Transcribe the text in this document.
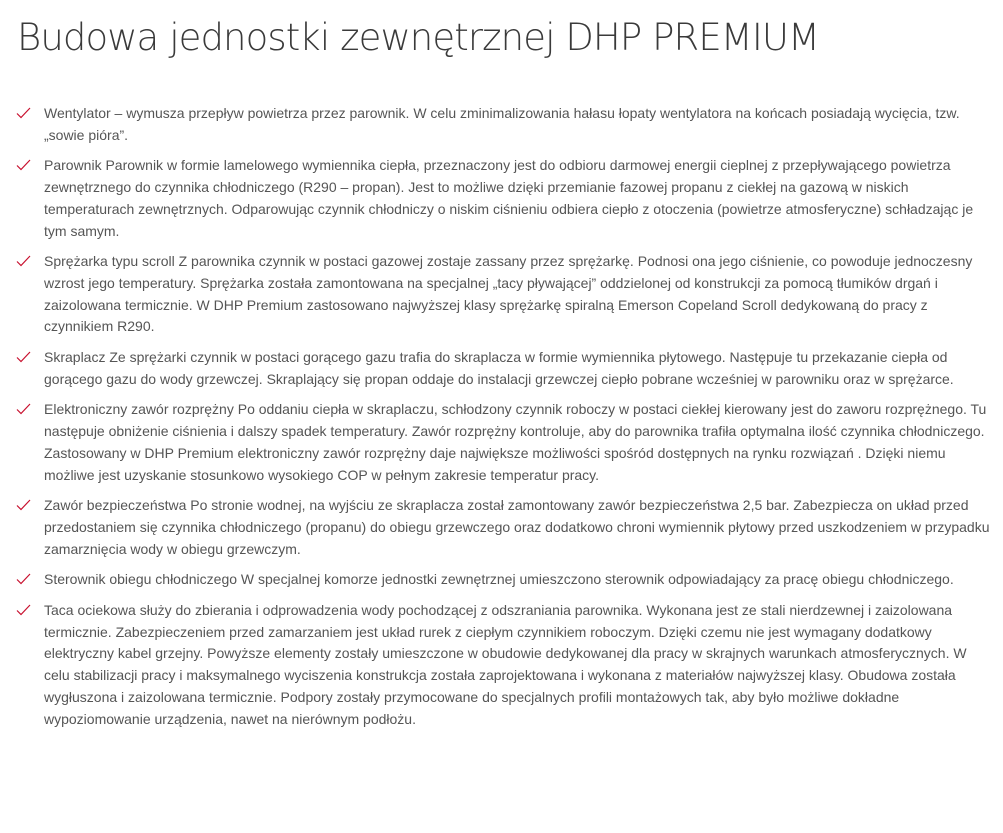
Budowa jednostki zewnętrznej DHP PREMIUM
Wentylator – wymusza przepływ powietrza przez parownik. W celu zminimalizowania hałasu łopaty wentylatora na końcach posiadają wycięcia, tzw. „sowie pióra”.
Parownik Parownik w formie lamelowego wymiennika ciepła, przeznaczony jest do odbioru darmowej energii cieplnej z przepływającego powietrza zewnętrznego do czynnika chłodniczego (R290 – propan). Jest to możliwe dzięki przemianie fazowej propanu z ciekłej na gazową w niskich temperaturach zewnętrznych. Odparowując czynnik chłodniczy o niskim ciśnieniu odbiera ciepło z otoczenia (powietrze atmosferyczne) schładzając je tym samym.
Sprężarka typu scroll Z parownika czynnik w postaci gazowej zostaje zassany przez sprężarkę. Podnosi ona jego ciśnienie, co powoduje jednoczesny wzrost jego temperatury. Sprężarka została zamontowana na specjalnej „tacy pływającej” oddzielonej od konstrukcji za pomocą tłumików drgań i zaizolowana termicznie. W DHP Premium zastosowano najwyższej klasy sprężarkę spiralną Emerson Copeland Scroll dedykowaną do pracy z czynnikiem R290.
Skraplacz Ze sprężarki czynnik w postaci gorącego gazu trafia do skraplacza w formie wymiennika płytowego. Następuje tu przekazanie ciepła od gorącego gazu do wody grzewczej. Skraplający się propan oddaje do instalacji grzewczej ciepło pobrane wcześniej w parowniku oraz w sprężarce.
Elektroniczny zawór rozprężny Po oddaniu ciepła w skraplaczu, schłodzony czynnik roboczy w postaci ciekłej kierowany jest do zaworu rozprężnego. Tu następuje obniżenie ciśnienia i dalszy spadek temperatury. Zawór rozprężny kontroluje, aby do parownika trafiła optymalna ilość czynnika chłodniczego. Zastosowany w DHP Premium elektroniczny zawór rozprężny daje największe możliwości spośród dostępnych na rynku rozwiązań . Dzięki niemu możliwe jest uzyskanie stosunkowo wysokiego COP w pełnym zakresie temperatur pracy.
Zawór bezpieczeństwa Po stronie wodnej, na wyjściu ze skraplacza został zamontowany zawór bezpieczeństwa 2,5 bar. Zabezpiecza on układ przed przedostaniem się czynnika chłodniczego (propanu) do obiegu grzewczego oraz dodatkowo chroni wymiennik płytowy przed uszkodzeniem w przypadku zamarznięcia wody w obiegu grzewczym.
Sterownik obiegu chłodniczego W specjalnej komorze jednostki zewnętrznej umieszczono sterownik odpowiadający za pracę obiegu chłodniczego.
Taca ociekowa służy do zbierania i odprowadzenia wody pochodzącej z odszraniania parownika. Wykonana jest ze stali nierdzewnej i zaizolowana termicznie. Zabezpieczeniem przed zamarzaniem jest układ rurek z ciepłym czynnikiem roboczym. Dzięki czemu nie jest wymagany dodatkowy elektryczny kabel grzejny. Powyższe elementy zostały umieszczone w obudowie dedykowanej dla pracy w skrajnych warunkach atmosferycznych. W celu stabilizacji pracy i maksymalnego wyciszenia konstrukcja została zaprojektowana i wykonana z materiałów najwyższej klasy. Obudowa została wygłuszona i zaizolowana termicznie. Podpory zostały przymocowane do specjalnych profili montażowych tak, aby było możliwe dokładne wypoziomowanie urządzenia, nawet na nierównym podłożu.
